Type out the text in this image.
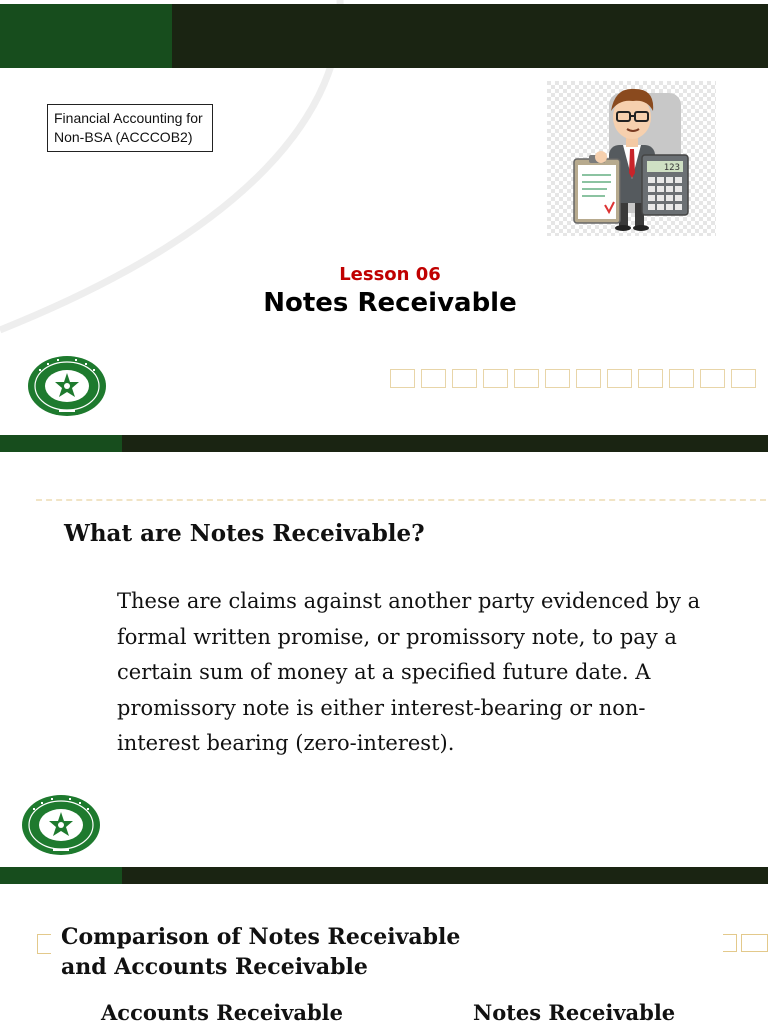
Financial Accounting for
Non-BSA (ACCCOB2)
123
Lesson 06
Notes Receivable
What are Notes Receivable?
These are claims against another party evidenced by a
formal written promise, or promissory note, to pay a
certain sum of money at a specified future date. A
promissory note is either interest-bearing or non-
interest bearing (zero-interest).
Comparison of Notes Receivable
and Accounts Receivable
Accounts Receivable	Notes Receivable
